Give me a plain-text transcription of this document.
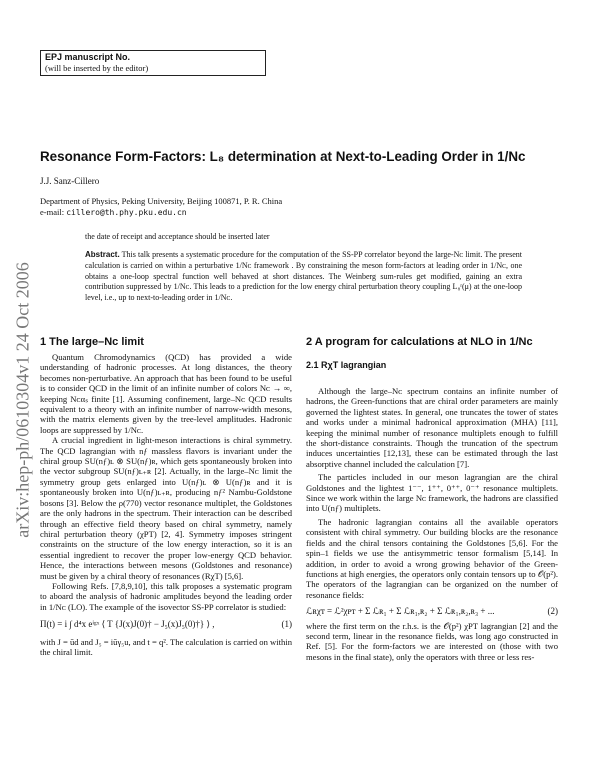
EPJ manuscript No.
(will be inserted by the editor)
arXiv:hep-ph/0610304v1 24 Oct 2006
Resonance Form-Factors: L₈ determination at Next-to-Leading Order in 1/Nᴄ
J.J. Sanz-Cillero
Department of Physics, Peking University, Beijing 100871, P. R. China
e-mail: cillero@th.phy.pku.edu.cn
the date of receipt and acceptance should be inserted later
Abstract. This talk presents a systematic procedure for the computation of the SS-PP correlator beyond the large-Nᴄ limit. The present calculation is carried on within a perturbative 1/Nᴄ framework . By constraining the meson form-factors at leading order in 1/Nᴄ, one obtains a one-loop spectral function well behaved at short distances. The Weinberg sum-rules get modified, gaining an extra contribution suppressed by 1/Nᴄ. This leads to a prediction for the low energy chiral perturbation theory coupling L₈ʳ(μ) at the one-loop level, i.e., up to next-to-leading order in 1/Nᴄ.
1 The large–Nᴄ limit

Quantum Chromodynamics (QCD) has provided a wide understanding of hadronic processes. At long distances, the theory becomes non-perturbative. An approach that has been found to be useful is to consider QCD in the limit of an infinite number of colors Nᴄ → ∞, keeping Nᴄαₛ finite [1]. Assuming confinement, large–Nᴄ QCD results equivalent to a theory with an infinite number of narrow-width mesons, with the matrix elements given by the tree-level amplitudes. Hadronic loops are suppressed by 1/Nᴄ.

A crucial ingredient in light-meson interactions is chiral symmetry. The QCD lagrangian with nƒ massless flavors is invariant under the chiral group SU(nƒ)ʟ ⊗ SU(nƒ)ʀ, which gets spontaneously broken into the vector subgroup SU(nƒ)ʟ₊ʀ [2]. Actually, in the large–Nᴄ limit the symmetry group gets enlarged into U(nƒ)ʟ ⊗ U(nƒ)ʀ and it is spontaneously broken into U(nƒ)ʟ₊ʀ, producing nƒ² Nambu-Goldstone bosons [3]. Below the ρ(770) vector resonance multiplet, the Goldstones are the only hadrons in the spectrum. Their interaction can be described through an effective field theory based on chiral symmetry, namely chiral perturbation theory (χPT) [2, 4]. Symmetry imposes stringent constraints on the structure of the low energy interaction, so it is an essential ingredient to recover the proper low-energy QCD behavior. Hence, the interactions between mesons (Goldstones and resonance) must be given by a chiral theory of resonances (RχT) [5,6].

Following Refs. [7,8,9,10], this talk proposes a systematic program to aboard the analysis of hadronic amplitudes beyond the leading order in 1/Nᴄ (LO). The example of the isovector SS-PP correlator is studied:

Π(t) = i ∫ d⁴x eⁱᵍˣ ⟨ T {J(x)J(0)† − J₅(x)J₅(0)†} ⟩ ,	(1)
with J = ūd and J₅ = iūγ₅u, and t = q². The calculation is carried on within the chiral limit.
2 A program for calculations at NLO in 1/Nᴄ
2.1 RχT lagrangian

Although the large–Nᴄ spectrum contains an infinite number of hadrons, the Green-functions that are chiral order parameters are mainly governed the lightest states. In general, one truncates the tower of states and works under a minimal hadronical approximation (MHA) [11], keeping the minimal number of resonance multiplets enough to fulfill the short-distance constraints. Though the truncation of the spectrum induces uncertainties [12,13], these can be estimated through the last absorptive channel included the calculation [7].

The particles included in our meson lagrangian are the chiral Goldstones and the lightest 1⁻⁻, 1⁺⁺, 0⁺⁺, 0⁻⁺ resonance multiplets. Since we work within the large Nᴄ framework, the hadrons are classified into U(nƒ) multiplets.

The hadronic lagrangian contains all the available operators consistent with chiral symmetry. Our building blocks are the resonance fields and the chiral tensors containing the Goldstones [5,6]. For the spin–1 fields we use the antisymmetric tensor formalism [5,14]. In addition, in order to avoid a wrong growing behavior of the Green-functions at high energies, the operators only contain tensors up to 𝒪(p²). The operators of the lagrangian can be organized on the number of resonance fields:

ℒʀχᴛ = ℒ²χᴘᴛ + Σ ℒʀ₁ + Σ ℒʀ₁,ʀ₂ + Σ ℒʀ₁,ʀ₂,ʀ₃ + ...	(2)
where the first term on the r.h.s. is the 𝒪(p²) χPT lagrangian [2] and the second term, linear in the resonance fields, was long ago constructed in Ref. [5]. For the form-factors we are interested on (those with two mesons in the final state), only the operators with three or less res-
